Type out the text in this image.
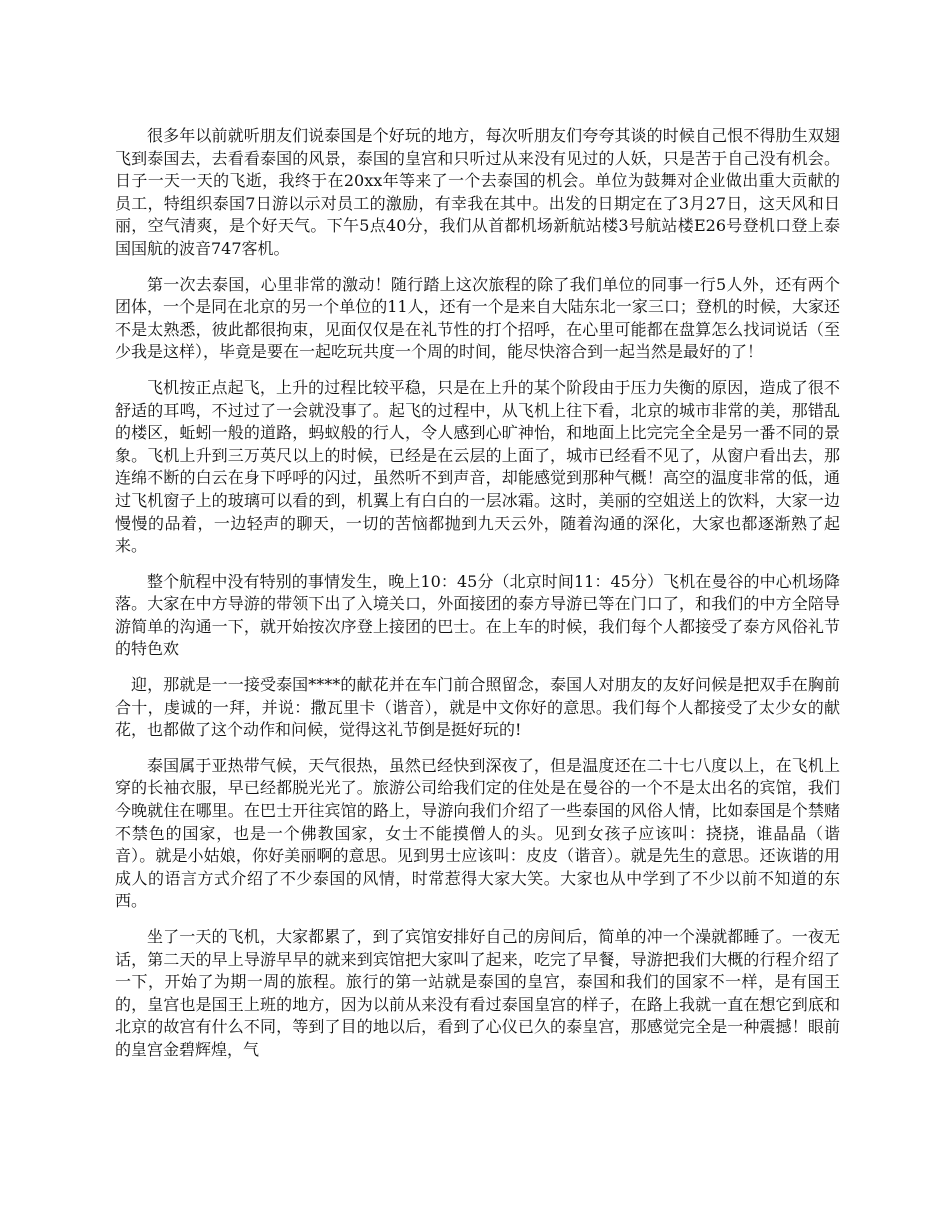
很多年以前就听朋友们说泰国是个好玩的地方，每次听朋友们夸夸其谈的时候自己恨不得肋生双翅飞到泰国去，去看看泰国的风景，泰国的皇宫和只听过从来没有见过的人妖，只是苦于自己没有机会。日子一天一天的飞逝，我终于在20xx年等来了一个去泰国的机会。单位为鼓舞对企业做出重大贡献的员工，特组织泰国7日游以示对员工的激励，有幸我在其中。出发的日期定在了3月27日，这天风和日丽，空气清爽，是个好天气。下午5点40分，我们从首都机场新航站楼3号航站楼E26号登机口登上泰国国航的波音747客机。

第一次去泰国，心里非常的激动！随行踏上这次旅程的除了我们单位的同事一行5人外，还有两个团体，一个是同在北京的另一个单位的11人，还有一个是来自大陆东北一家三口；登机的时候，大家还不是太熟悉，彼此都很拘束，见面仅仅是在礼节性的打个招呼，在心里可能都在盘算怎么找词说话（至少我是这样），毕竟是要在一起吃玩共度一个周的时间，能尽快溶合到一起当然是最好的了！

飞机按正点起飞，上升的过程比较平稳，只是在上升的某个阶段由于压力失衡的原因，造成了很不舒适的耳鸣，不过过了一会就没事了。起飞的过程中，从飞机上往下看，北京的城市非常的美，那错乱的楼区，蚯蚓一般的道路，蚂蚁般的行人，令人感到心旷神怡，和地面上比完完全全是另一番不同的景象。飞机上升到三万英尺以上的时候，已经是在云层的上面了，城市已经看不见了，从窗户看出去，那连绵不断的白云在身下呼呼的闪过，虽然听不到声音，却能感觉到那种气概！高空的温度非常的低，通过飞机窗子上的玻璃可以看的到，机翼上有白白的一层冰霜。这时，美丽的空姐送上的饮料，大家一边慢慢的品着，一边轻声的聊天，一切的苦恼都抛到九天云外，随着沟通的深化，大家也都逐渐熟了起来。

整个航程中没有特别的事情发生，晚上10：45分（北京时间11：45分）飞机在曼谷的中心机场降落。大家在中方导游的带领下出了入境关口，外面接团的泰方导游已等在门口了，和我们的中方全陪导游简单的沟通一下，就开始按次序登上接团的巴士。在上车的时候，我们每个人都接受了泰方风俗礼节的特色欢

迎，那就是一一接受泰国****的献花并在车门前合照留念，泰国人对朋友的友好问候是把双手在胸前合十，虔诚的一拜，并说：撒瓦里卡（谐音），就是中文你好的意思。我们每个人都接受了太少女的献花，也都做了这个动作和问候，觉得这礼节倒是挺好玩的!

泰国属于亚热带气候，天气很热，虽然已经快到深夜了，但是温度还在二十七八度以上，在飞机上穿的长袖衣服，早已经都脱光光了。旅游公司给我们定的住处是在曼谷的一个不是太出名的宾馆，我们今晚就住在哪里。在巴士开往宾馆的路上，导游向我们介绍了一些泰国的风俗人情，比如泰国是个禁赌不禁色的国家，也是一个佛教国家，女士不能摸僧人的头。见到女孩子应该叫：挠挠，谁晶晶（谐音）。就是小姑娘，你好美丽啊的意思。见到男士应该叫：皮皮（谐音）。就是先生的意思。还诙谐的用成人的语言方式介绍了不少泰国的风情，时常惹得大家大笑。大家也从中学到了不少以前不知道的东西。

坐了一天的飞机，大家都累了，到了宾馆安排好自己的房间后，简单的冲一个澡就都睡了。一夜无话，第二天的早上导游早早的就来到宾馆把大家叫了起来，吃完了早餐，导游把我们大概的行程介绍了一下，开始了为期一周的旅程。旅行的第一站就是泰国的皇宫，泰国和我们的国家不一样，是有国王的，皇宫也是国王上班的地方，因为以前从来没有看过泰国皇宫的样子，在路上我就一直在想它到底和北京的故宫有什么不同，等到了目的地以后，看到了心仪已久的泰皇宫，那感觉完全是一种震撼！眼前的皇宫金碧辉煌，气
